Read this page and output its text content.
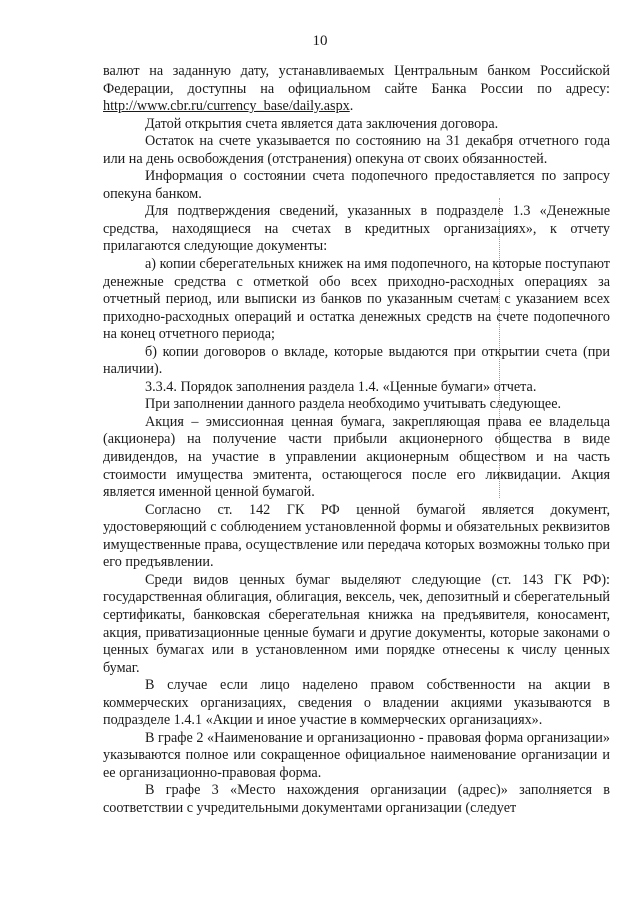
10

валют на заданную дату, устанавливаемых Центральным банком Российской Федерации, доступны на официальном сайте Банка России по адресу: http://www.cbr.ru/currency_base/daily.aspx.

Датой открытия счета является дата заключения договора.

Остаток на счете указывается по состоянию на 31 декабря отчетного года или на день освобождения (отстранения) опекуна от своих обязанностей.

Информация о состоянии счета подопечного предоставляется по запросу опекуна банком.

Для подтверждения сведений, указанных в подразделе 1.3 «Денежные средства, находящиеся на счетах в кредитных организациях», к отчету прилагаются следующие документы:

а) копии сберегательных книжек на имя подопечного, на которые поступают денежные средства с отметкой обо всех приходно-расходных операциях за отчетный период, или выписки из банков по указанным счетам с указанием всех приходно-расходных операций и остатка денежных средств на счете подопечного на конец отчетного периода;

б) копии договоров о вкладе, которые выдаются при открытии счета (при наличии).

3.3.4. Порядок заполнения раздела 1.4. «Ценные бумаги» отчета.

При заполнении данного раздела необходимо учитывать следующее.

Акция – эмиссионная ценная бумага, закрепляющая права ее владельца (акционера) на получение части прибыли акционерного общества в виде дивидендов, на участие в управлении акционерным обществом и на часть стоимости имущества эмитента, остающегося после его ликвидации. Акция является именной ценной бумагой.

Согласно ст. 142 ГК РФ ценной бумагой является документ, удостоверяющий с соблюдением установленной формы и обязательных реквизитов имущественные права, осуществление или передача которых возможны только при его предъявлении.

Среди видов ценных бумаг выделяют следующие (ст. 143 ГК РФ): государственная облигация, облигация, вексель, чек, депозитный и сберегательный сертификаты, банковская сберегательная книжка на предъявителя, коносамент, акция, приватизационные ценные бумаги и другие документы, которые законами о ценных бумагах или в установленном ими порядке отнесены к числу ценных бумаг.

В случае если лицо наделено правом собственности на акции в коммерческих организациях, сведения о владении акциями указываются в подразделе 1.4.1 «Акции и иное участие в коммерческих организациях».

В графе 2 «Наименование и организационно - правовая форма организации» указываются полное или сокращенное официальное наименование организации и ее организационно-правовая форма.

В графе 3 «Место нахождения организации (адрес)» заполняется в соответствии с учредительными документами организации (следует
